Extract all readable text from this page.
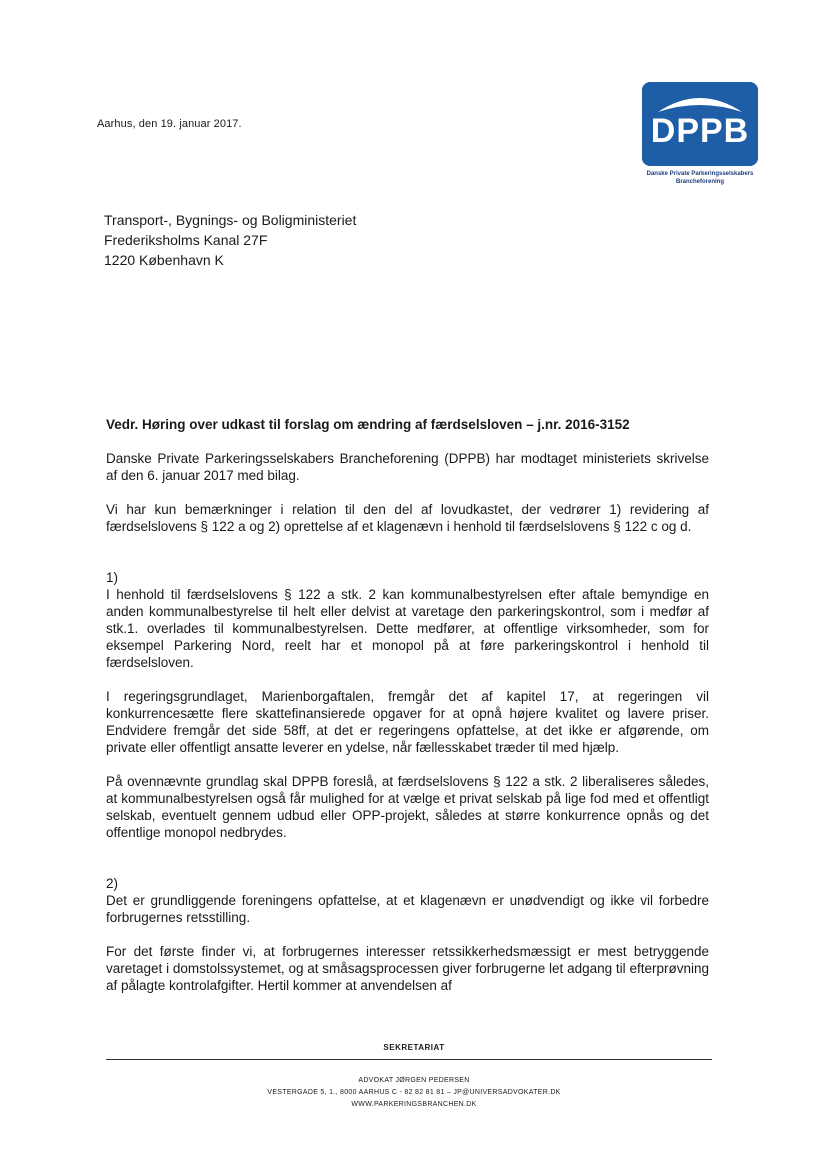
Aarhus, den 19. januar 2017.	DPPB
Danske Private Parkeringsselskabers
Brancheforening
Transport-, Bygnings- og Boligministeriet
Frederiksholms Kanal 27F
1220 København K
Vedr. Høring over udkast til forslag om ændring af færdselsloven – j.nr. 2016-3152

Danske Private Parkeringsselskabers Brancheforening (DPPB) har modtaget ministeriets skrivelse af den 6. januar 2017 med bilag.

Vi har kun bemærkninger i relation til den del af lovudkastet, der vedrører 1) revidering af færdselslovens § 122 a og 2) oprettelse af et klagenævn i henhold til færdselslovens § 122 c og d.

1)

I henhold til færdselslovens § 122 a stk. 2 kan kommunalbestyrelsen efter aftale bemyndige en anden kommunalbestyrelse til helt eller delvist at varetage den parkeringskontrol, som i medfør af stk.1. overlades til kommunalbestyrelsen. Dette medfører, at offentlige virksomheder, som for eksempel Parkering Nord, reelt har et monopol på at føre parkeringskontrol i henhold til færdselsloven.

I regeringsgrundlaget, Marienborgaftalen, fremgår det af kapitel 17, at regeringen vil konkurrencesætte flere skattefinansierede opgaver for at opnå højere kvalitet og lavere priser. Endvidere fremgår det side 58ff, at det er regeringens opfattelse, at det ikke er afgørende, om private eller offentligt ansatte leverer en ydelse, når fællesskabet træder til med hjælp.

På ovennævnte grundlag skal DPPB foreslå, at færdselslovens § 122 a stk. 2 liberaliseres således, at kommunalbestyrelsen også får mulighed for at vælge et privat selskab på lige fod med et offentligt selskab, eventuelt gennem udbud eller OPP-projekt, således at større konkurrence opnås og det offentlige monopol nedbrydes.

2)

Det er grundliggende foreningens opfattelse, at et klagenævn er unødvendigt og ikke vil forbedre forbrugernes retsstilling.

For det første finder vi, at forbrugernes interesser retssikkerhedsmæssigt er mest betryggende varetaget i domstolssystemet, og at småsagsprocessen giver forbrugerne let adgang til efterprøvning af pålagte kontrolafgifter. Hertil kommer at anvendelsen af

SEKRETARIAT
ADVOKAT JØRGEN PEDERSEN
VESTERGADE 5, 1., 8000 AARHUS C - 82 82 81 81 – JP@UNIVERSADVOKATER.DK
WWW.PARKERINGSBRANCHEN.DK
